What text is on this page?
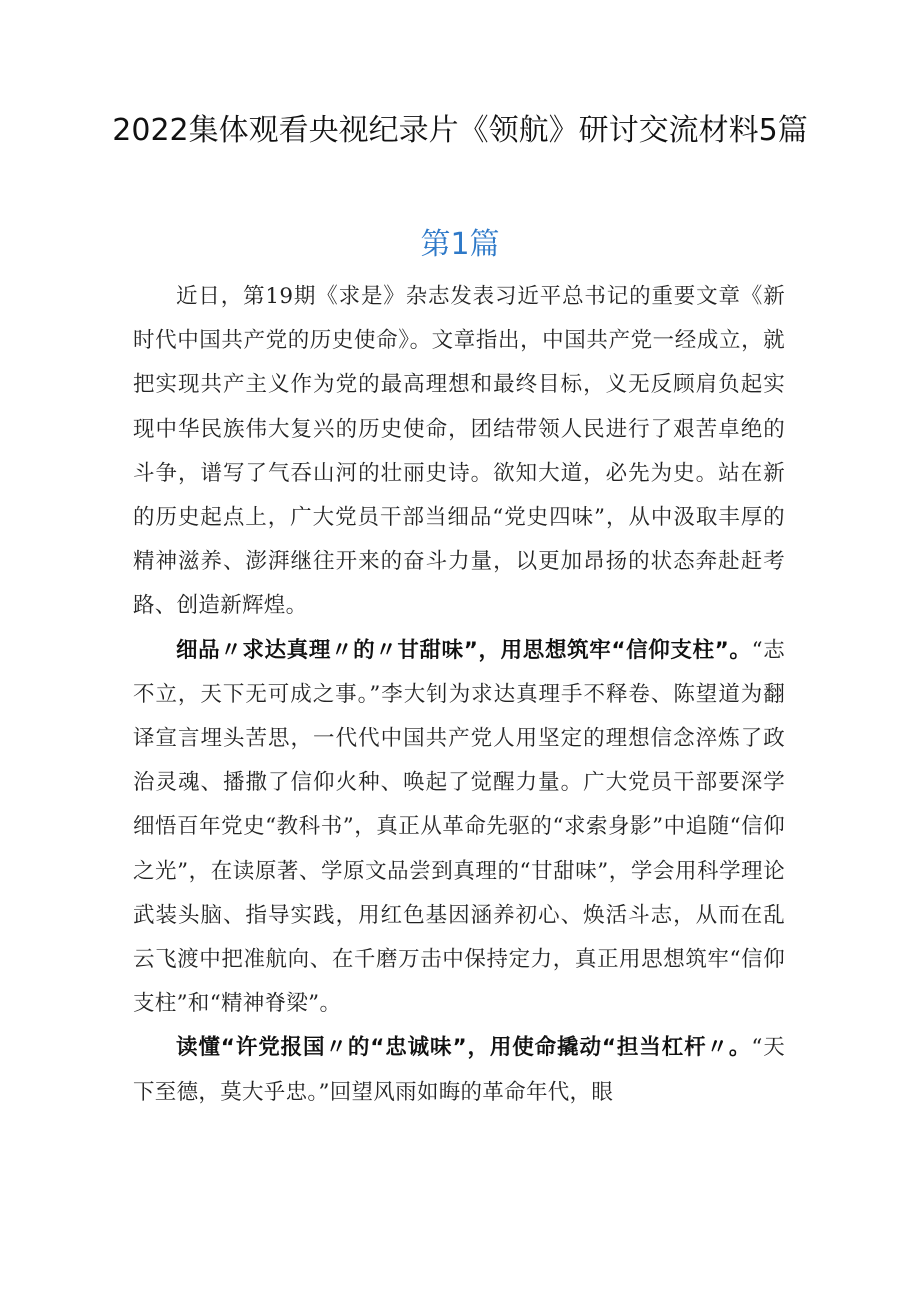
2022集体观看央视纪录片《领航》研讨交流材料5篇
第1篇

近日，第19期《求是》杂志发表习近平总书记的重要文章《新时代中国共产党的历史使命》。文章指出，中国共产党一经成立，就把实现共产主义作为党的最高理想和最终目标，义无反顾肩负起实现中华民族伟大复兴的历史使命，团结带领人民进行了艰苦卓绝的斗争，谱写了气吞山河的壮丽史诗。欲知大道，必先为史。站在新的历史起点上，广大党员干部当细品“党史四味”，从中汲取丰厚的精神滋养、澎湃继往开来的奋斗力量，以更加昂扬的状态奔赴赶考路、创造新辉煌。

细品〃求达真理〃的〃甘甜味”，用思想筑牢“信仰支柱”。“志不立，天下无可成之事。”李大钊为求达真理手不释卷、陈望道为翻译宣言埋头苦思，一代代中国共产党人用坚定的理想信念淬炼了政治灵魂、播撒了信仰火种、唤起了觉醒力量。广大党员干部要深学细悟百年党史“教科书”，真正从革命先驱的“求索身影”中追随“信仰之光”，在读原著、学原文品尝到真理的“甘甜味”，学会用科学理论武装头脑、指导实践，用红色基因涵养初心、焕活斗志，从而在乱云飞渡中把准航向、在千磨万击中保持定力，真正用思想筑牢“信仰支柱”和“精神脊梁”。

读懂“许党报国〃的“忠诚味”，用使命撬动“担当杠杆〃。“天下至德，莫大乎忠。”回望风雨如晦的革命年代，眼
